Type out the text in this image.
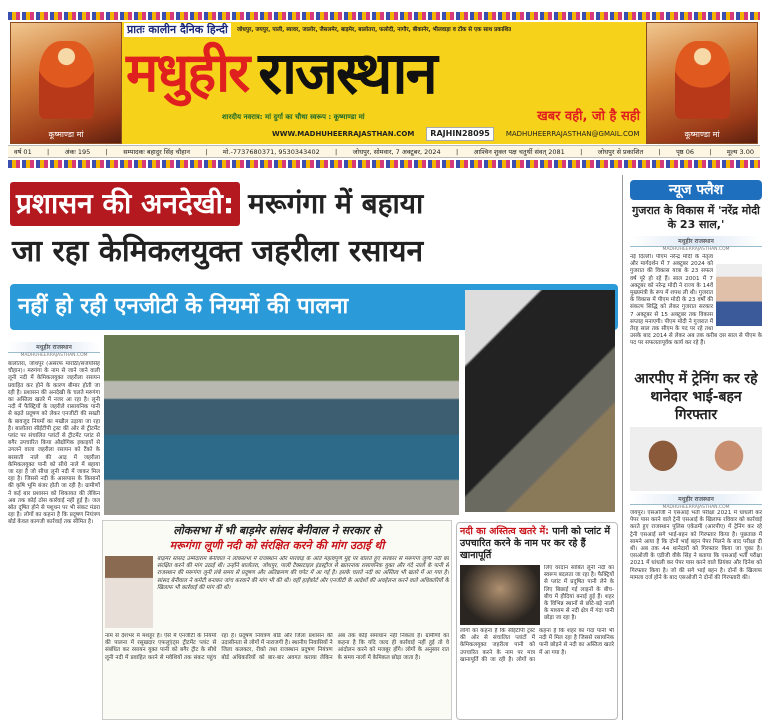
कूष्माण्डा मां	कूष्माण्डा मां
प्रातः कालीन दैनिक हिन्दी	जोधपुर, जयपुर, पाली, ब्यावर, जालोर, जैसलमेर, बाड़मेर, बालोतरा, फलोदी, नागौर, बीकानेर, भीलवाड़ा व टोंक से एक साथ प्रकाशित
मधुहीर राजस्थान
शारदीय नवरात्र: मां दुर्गा का चौथा स्वरूप : कूष्माण्डा मां	खबर वही, जो है सही
WWW.MADHUHEERRAJASTHAN.COM	RAJHIN28095	MADHUHEERRAJASTHAN@GMAIL.COM
वर्ष 01 | अंकः 195 | सम्पादकः बहादुर सिंह चौहान | मो.-7737680371, 9530343402 | जोधपुर, सोमवार, 7 अक्टूबर, 2024 | आश्विन शुक्ल पक्ष चतुर्थी संवत् 2081 | जोधपुर से प्रकाशित | पृष्ठ 06 | मूल्य 3.00
प्रशासन की अनदेखी: मरूगंगा में बहाया
जा रहा केमिकलयुक्त जहरीला रसायन
नहीं हो रही एनजीटी के नियमों की पालना
मधुहीर राजस्थान
MADHUHEERRAJASTHAN.COM
बालोतरा, जोधपुर (असरफ मारोठी/संजयसिंह चौहान)। मरुगंगा के नाम से जाने जाने वाली लूनी नदी में केमिकलयुक्त जहरीला रसायन प्रवाहित कर होने के कारण बीमार होती जा रही है। प्रशासन की अनदेखी के चलते मरुगंगा का अस्तित्व खतरे में नजर आ रहा है। लूनी नदी में फैक्ट्रियों के जहरीले रासायनिक पानी से बढ़ते प्रदूषण को लेकर एनजीटी की सख्ती के बावजूद नियमों का मखौल उड़ाया जा रहा है। बालोतरा सीईटीपी ट्रस्ट की ओर से ट्रीटमेंट प्लांट पर संचालित प्लांटों से ट्रीटमेंट प्लांट से बगैर उपचारित किया औद्योगिक इकाइयों से उगलने वाला जहरीला रसायन को टैंको के बरसाती नाले की आड़ में जहरीला केमिकलयुक्त पानी को सीधे नाले में बहाया जा रहा है जो सीधा लूनी नदी में जाकर मिल रहा है। जिससे नदी के आसपास के किसानों की कृषि भूमि बंजर होती जा रही है। ग्रामीणों ने कई बार प्रशासन को शिकायत की लेकिन अब तक कोई ठोस कार्रवाई नहीं हुई है। जल स्रोत दूषित होने से पशुधन पर भी संकट मंडरा रहा है। लोगों का कहना है कि प्रदूषण नियंत्रण बोर्ड केवल कागजी कार्रवाई तक सीमित है।
लोकसभा में भी बाड़मेर सांसद बेनीवाल ने सरकार से
मरूगंगा लूणी नदी को संरक्षित करने की मांग उठाई थी
बाड़मेर सांसद उम्मेदाराम बेनीवाल ने लोकसभा में राजस्थान और मारवाड़ के अति महत्वपूर्ण मुद्दे पर बोलते हुए सरकार से मरूगंगा लूणी नदी को संरक्षित करने की मांग उठाई थी। उन्होंने बालोतरा, जोधपुर, पाली टैक्सटाइल इंडस्ट्रीज से खतरनाक रासायनिक युक्त और गंदे नालों के पानी से राजस्थान की मरूगंगा लूनी लंबे समय से प्रदूषण और अतिक्रमण की चपेट में आ गई है। इसके चलते नदी का अस्तित्व भी खतरे में आ गया है। सांसद बेनीवाल ने कमेटी बनाकर जांच करवाने की मांग भी की थी। वहीं हाईकोर्ट और एनजीटी के आदेशों की अवहेलना करने वाले अधिकारियों के खिलाफ भी कार्रवाई की मांग की थी।
नाम से देशभर में मशहूर है। ऐसे में एनजीटी के नियमों की पालना में रसूखदार एफलुएंट्स ट्रीटमेंट प्लांट से संबंधित कर रसायन युक्त पानी को बगैर ट्रीट के सीधे लूनी नदी में प्रवाहित करने से मवेशियों तक संकट पहुंच रहा है। प्रदूषण नियंत्रण बोर्ड और जिला प्रशासन की उदासीनता से लोगों में नाराजगी है। स्थानीय निवासियों ने जिला कलक्टर, रीको तथा राजस्थान प्रदूषण नियंत्रण बोर्ड अधिकारियों को बार-बार अवगत कराया लेकिन अब तक कोई समाधान नहीं निकला है। ग्रामीणों का कहना है कि यदि जल्द ही कार्रवाई नहीं हुई तो वे आंदोलन करने को मजबूर होंगे। लोगों के अनुसार रात के समय नालों में केमिकल छोड़ा जाता है।
नदी का अस्तित्व खतरे में: पानी को प्लांट में
उपचारित करने के नाम पर कर रहे हैं खानापूर्ति
लिए वरदान साबित लूनी नदी का स्वरूप बदलता जा रहा है। फैक्ट्रियों से प्लांट में प्रदूषित पानी लेने के लिए बिछाई गई लाइनों के बीच-बीच में हौदियां बनाई हुई हैं। शहर के विभिन्न स्थानों से छोटे-बड़े नालों के माध्यम से नदी क्षेत्र में गंदा पानी छोड़ा जा रहा है।
लोगों का कहना है कि सीईटीपी ट्रस्ट की ओर से संचालित प्लांटों में केमिकलयुक्त जहरीला पानी को उपचारित करने के नाम पर मात्र खानापूर्ति की जा रही है। लोगों का कहना है कि शहर का गंदा पानी भी नदी में मिल रहा है जिससे रसायनिक पानी छोड़ने से नदी का अस्तित्व खतरे में आ गया है।
न्यूज फ्लैश
गुजरात के विकास में 'नरेंद्र मोदी के 23 साल,'
मधुहीर राजस्थान
MADHUHEERRAJASTHAN.COM
नई दिल्ली। पीएम नरेन्द्र मोदी के नेतृत्व और मार्गदर्शन में 7 अक्टूबर 2024 को गुजरात की विकास यात्रा के 23 सफल वर्ष पूरे हो रहे हैं। साल 2001 में 7 अक्टूबर को नरेन्द्र मोदी ने राज्य के 14वें मुख्यमंत्री के रूप में शपथ ली थी। गुजरात के विकास में पीएम मोदी के 23 वर्षों की संकल्प सिद्धि को लेकर गुजरात सरकार 7 अक्टूबर से 15 अक्टूबर तक विकास सप्ताह मनाएगी। पीएम मोदी ने गुजरात में तेरह साल तक सीएम के पद पर रहे तथा उसके बाद 2014 से लेकर अब तक करीब दस साल से पीएम के पद पर सफलतापूर्वक कार्य कर रहे हैं।
आरपीए में ट्रेनिंग कर रहे थानेदार भाई-बहन गिरफ्तार
मधुहीर राजस्थान
MADHUHEERRAJASTHAN.COM
जयपुर। एसओजी ने एसआई भर्ती परीक्षा 2021 में धांधली कर पेपर पास करने वाले ट्रेनी एसआई के खिलाफ रविवार को कार्रवाई करते हुए राजस्थान पुलिस एकेडमी (आरपीए) में ट्रेनिंग कर रहे ट्रेनी एसआई सगे भाई-बहन को गिरफ्तार किया है। पूछताछ में सामने आया है कि दोनों भाई बहन पेपर मिलने के बाद परीक्षा दी थी। अब तक 44 थानेदारों को गिरफ्तार किया जा चुका है। एसओजी के एडीजी वीके सिंह ने बताया कि एसआई भर्ती परीक्षा 2021 में धांधली कर पेपर पास करने वाले प्रियंका और दिनेश को गिरफ्तार किया है। जो की सगे भाई बहन है। दोनों के खिलाफ मामला दर्ज होने के बाद एसओजी ने दोनों की गिरफ्तारी की।
